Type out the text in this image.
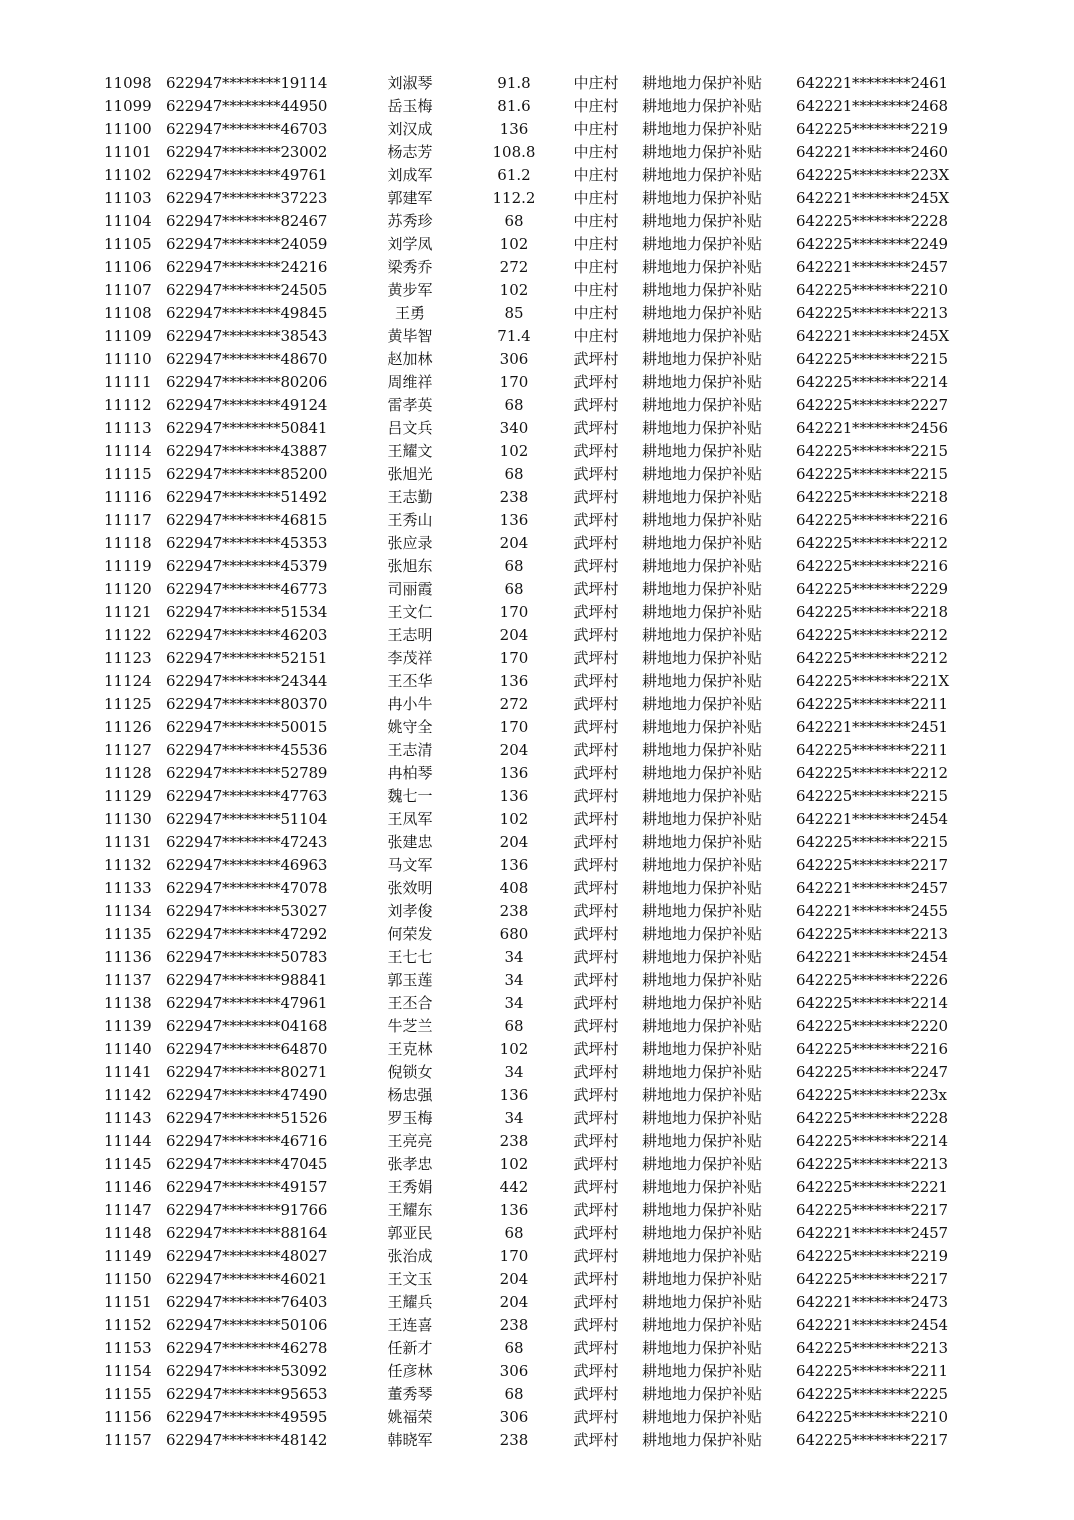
11098 622947********19114	刘淑琴	91.8	中庄村	耕地地力保护补贴	642221********2461
11099 622947********44950	岳玉梅	81.6	中庄村	耕地地力保护补贴	642221********2468
11100 622947********46703	刘汉成	136	中庄村	耕地地力保护补贴	642225********2219
11101 622947********23002	杨志芳	108.8	中庄村	耕地地力保护补贴	642221********2460
11102 622947********49761	刘成军	61.2	中庄村	耕地地力保护补贴	642225********223X
11103 622947********37223	郭建军	112.2	中庄村	耕地地力保护补贴	642221********245X
11104 622947********82467	苏秀珍	68	中庄村	耕地地力保护补贴	642225********2228
11105 622947********24059	刘学凤	102	中庄村	耕地地力保护补贴	642225********2249
11106 622947********24216	梁秀乔	272	中庄村	耕地地力保护补贴	642221********2457
11107 622947********24505	黄步军	102	中庄村	耕地地力保护补贴	642225********2210
11108 622947********49845	王勇	85	中庄村	耕地地力保护补贴	642225********2213
11109 622947********38543	黄毕智	71.4	中庄村	耕地地力保护补贴	642221********245X
11110 622947********48670	赵加林	306	武坪村	耕地地力保护补贴	642225********2215
11111 622947********80206	周维祥	170	武坪村	耕地地力保护补贴	642225********2214
11112 622947********49124	雷孝英	68	武坪村	耕地地力保护补贴	642225********2227
11113 622947********50841	吕文兵	340	武坪村	耕地地力保护补贴	642221********2456
11114 622947********43887	王耀文	102	武坪村	耕地地力保护补贴	642225********2215
11115 622947********85200	张旭光	68	武坪村	耕地地力保护补贴	642225********2215
11116 622947********51492	王志勤	238	武坪村	耕地地力保护补贴	642225********2218
11117 622947********46815	王秀山	136	武坪村	耕地地力保护补贴	642225********2216
11118 622947********45353	张应录	204	武坪村	耕地地力保护补贴	642225********2212
11119 622947********45379	张旭东	68	武坪村	耕地地力保护补贴	642225********2216
11120 622947********46773	司丽霞	68	武坪村	耕地地力保护补贴	642225********2229
11121 622947********51534	王文仁	170	武坪村	耕地地力保护补贴	642225********2218
11122 622947********46203	王志明	204	武坪村	耕地地力保护补贴	642225********2212
11123 622947********52151	李茂祥	170	武坪村	耕地地力保护补贴	642225********2212
11124 622947********24344	王丕华	136	武坪村	耕地地力保护补贴	642225********221X
11125 622947********80370	冉小牛	272	武坪村	耕地地力保护补贴	642225********2211
11126 622947********50015	姚守全	170	武坪村	耕地地力保护补贴	642221********2451
11127 622947********45536	王志清	204	武坪村	耕地地力保护补贴	642225********2211
11128 622947********52789	冉柏琴	136	武坪村	耕地地力保护补贴	642225********2212
11129 622947********47763	魏七一	136	武坪村	耕地地力保护补贴	642225********2215
11130 622947********51104	王凤军	102	武坪村	耕地地力保护补贴	642221********2454
11131 622947********47243	张建忠	204	武坪村	耕地地力保护补贴	642225********2215
11132 622947********46963	马文军	136	武坪村	耕地地力保护补贴	642225********2217
11133 622947********47078	张效明	408	武坪村	耕地地力保护补贴	642221********2457
11134 622947********53027	刘孝俊	238	武坪村	耕地地力保护补贴	642221********2455
11135 622947********47292	何荣发	680	武坪村	耕地地力保护补贴	642225********2213
11136 622947********50783	王七七	34	武坪村	耕地地力保护补贴	642221********2454
11137 622947********98841	郭玉莲	34	武坪村	耕地地力保护补贴	642225********2226
11138 622947********47961	王丕合	34	武坪村	耕地地力保护补贴	642225********2214
11139 622947********04168	牛芝兰	68	武坪村	耕地地力保护补贴	642225********2220
11140 622947********64870	王克林	102	武坪村	耕地地力保护补贴	642225********2216
11141 622947********80271	倪锁女	34	武坪村	耕地地力保护补贴	642225********2247
11142 622947********47490	杨忠强	136	武坪村	耕地地力保护补贴	642225********223x
11143 622947********51526	罗玉梅	34	武坪村	耕地地力保护补贴	642225********2228
11144 622947********46716	王亮亮	238	武坪村	耕地地力保护补贴	642225********2214
11145 622947********47045	张孝忠	102	武坪村	耕地地力保护补贴	642225********2213
11146 622947********49157	王秀娟	442	武坪村	耕地地力保护补贴	642225********2221
11147 622947********91766	王耀东	136	武坪村	耕地地力保护补贴	642225********2217
11148 622947********88164	郭亚民	68	武坪村	耕地地力保护补贴	642221********2457
11149 622947********48027	张治成	170	武坪村	耕地地力保护补贴	642225********2219
11150 622947********46021	王文玉	204	武坪村	耕地地力保护补贴	642225********2217
11151 622947********76403	王耀兵	204	武坪村	耕地地力保护补贴	642221********2473
11152 622947********50106	王连喜	238	武坪村	耕地地力保护补贴	642221********2454
11153 622947********46278	任新才	68	武坪村	耕地地力保护补贴	642225********2213
11154 622947********53092	任彦林	306	武坪村	耕地地力保护补贴	642225********2211
11155 622947********95653	董秀琴	68	武坪村	耕地地力保护补贴	642225********2225
11156 622947********49595	姚福荣	306	武坪村	耕地地力保护补贴	642225********2210
11157 622947********48142	韩晓军	238	武坪村	耕地地力保护补贴	642225********2217
